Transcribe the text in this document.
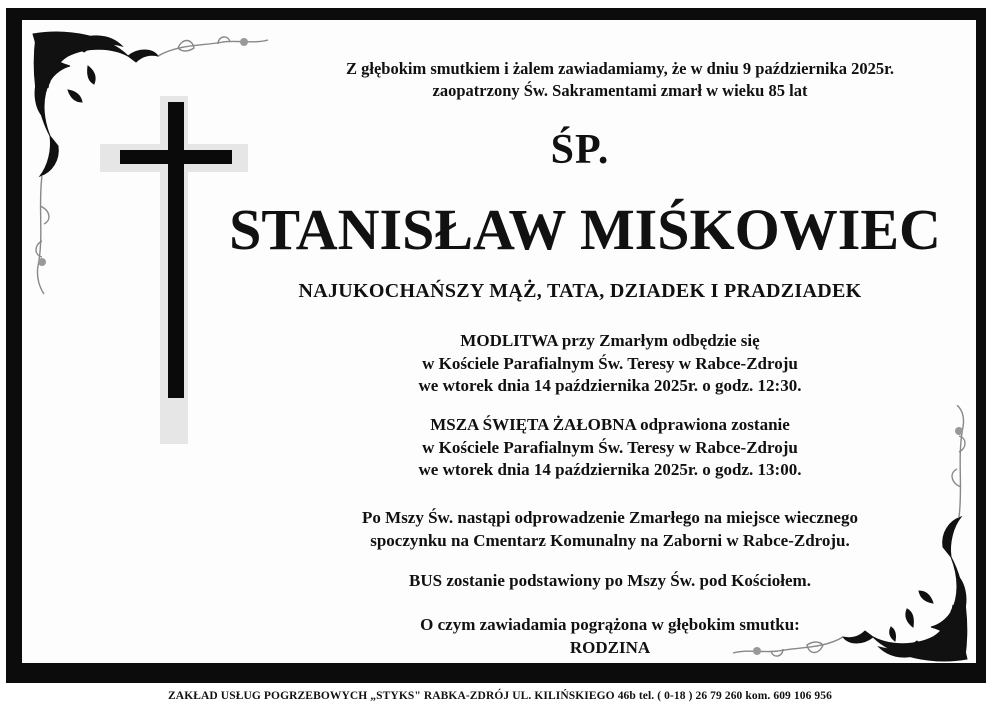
Z głębokim smutkiem i żalem zawiadamiamy, że w dniu 9 października 2025r.
zaopatrzony Św. Sakramentami zmarł w wieku 85 lat
ŚP.
STANISŁAW MIŚKOWIEC
NAJUKOCHAŃSZY MĄŻ, TATA, DZIADEK I PRADZIADEK
MODLITWA przy Zmarłym odbędzie się
w Kościele Parafialnym Św. Teresy w Rabce-Zdroju
we wtorek dnia 14 października 2025r. o godz. 12:30.
MSZA ŚWIĘTA ŻAŁOBNA odprawiona zostanie
w Kościele Parafialnym Św. Teresy w Rabce-Zdroju
we wtorek dnia 14 października 2025r. o godz. 13:00.
Po Mszy Św. nastąpi odprowadzenie Zmarłego na miejsce wiecznego
spoczynku na Cmentarz Komunalny na Zaborni w Rabce-Zdroju.
BUS zostanie podstawiony po Mszy Św. pod Kościołem.
O czym zawiadamia pogrążona w głębokim smutku:
RODZINA
ZAKŁAD USŁUG POGRZEBOWYCH „STYKS" RABKA-ZDRÓJ UL. KILIŃSKIEGO 46b tel. ( 0-18 ) 26 79 260 kom. 609 106 956
